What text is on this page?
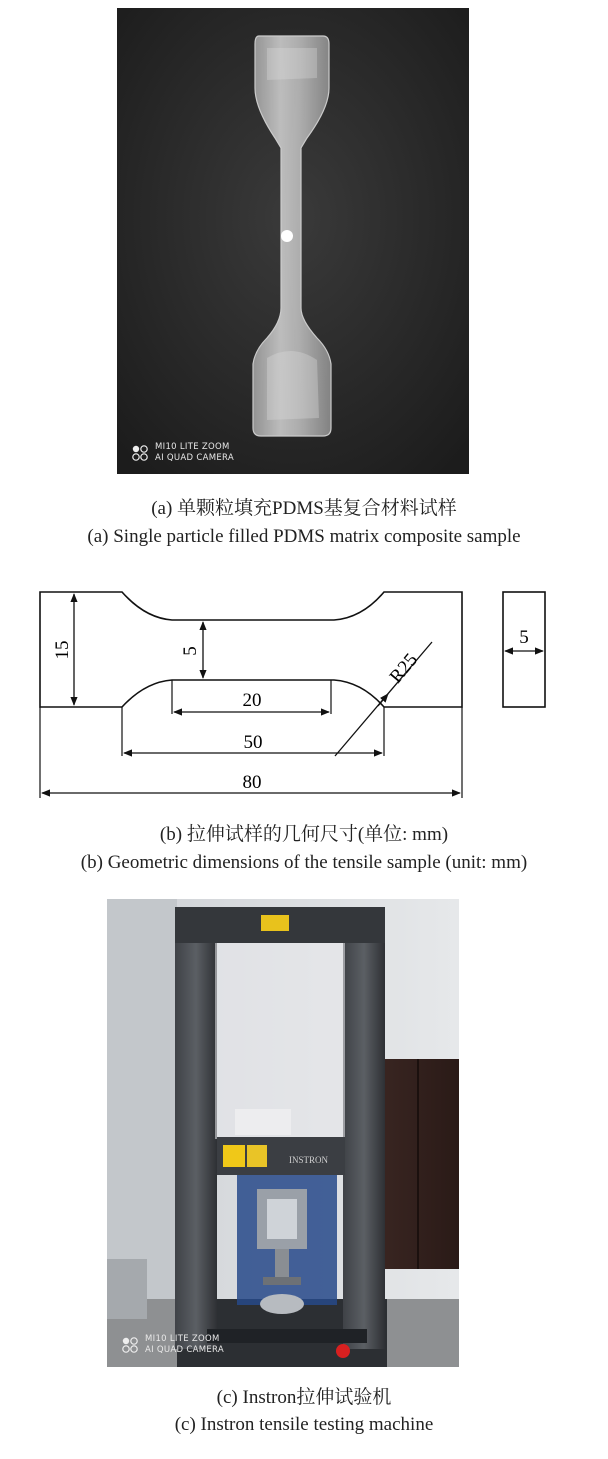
MI10 LITE ZOOM
AI QUAD CAMERA
(a) 单颗粒填充PDMS基复合材料试样
(a) Single particle filled PDMS matrix composite sample
15	5
20
50
80
R25
5
(b) 拉伸试样的几何尺寸(单位: mm)
(b) Geometric dimensions of the tensile sample (unit: mm)
INSTRON
MI10 LITE ZOOM
AI QUAD CAMERA
(c) Instron拉伸试验机
(c) Instron tensile testing machine
